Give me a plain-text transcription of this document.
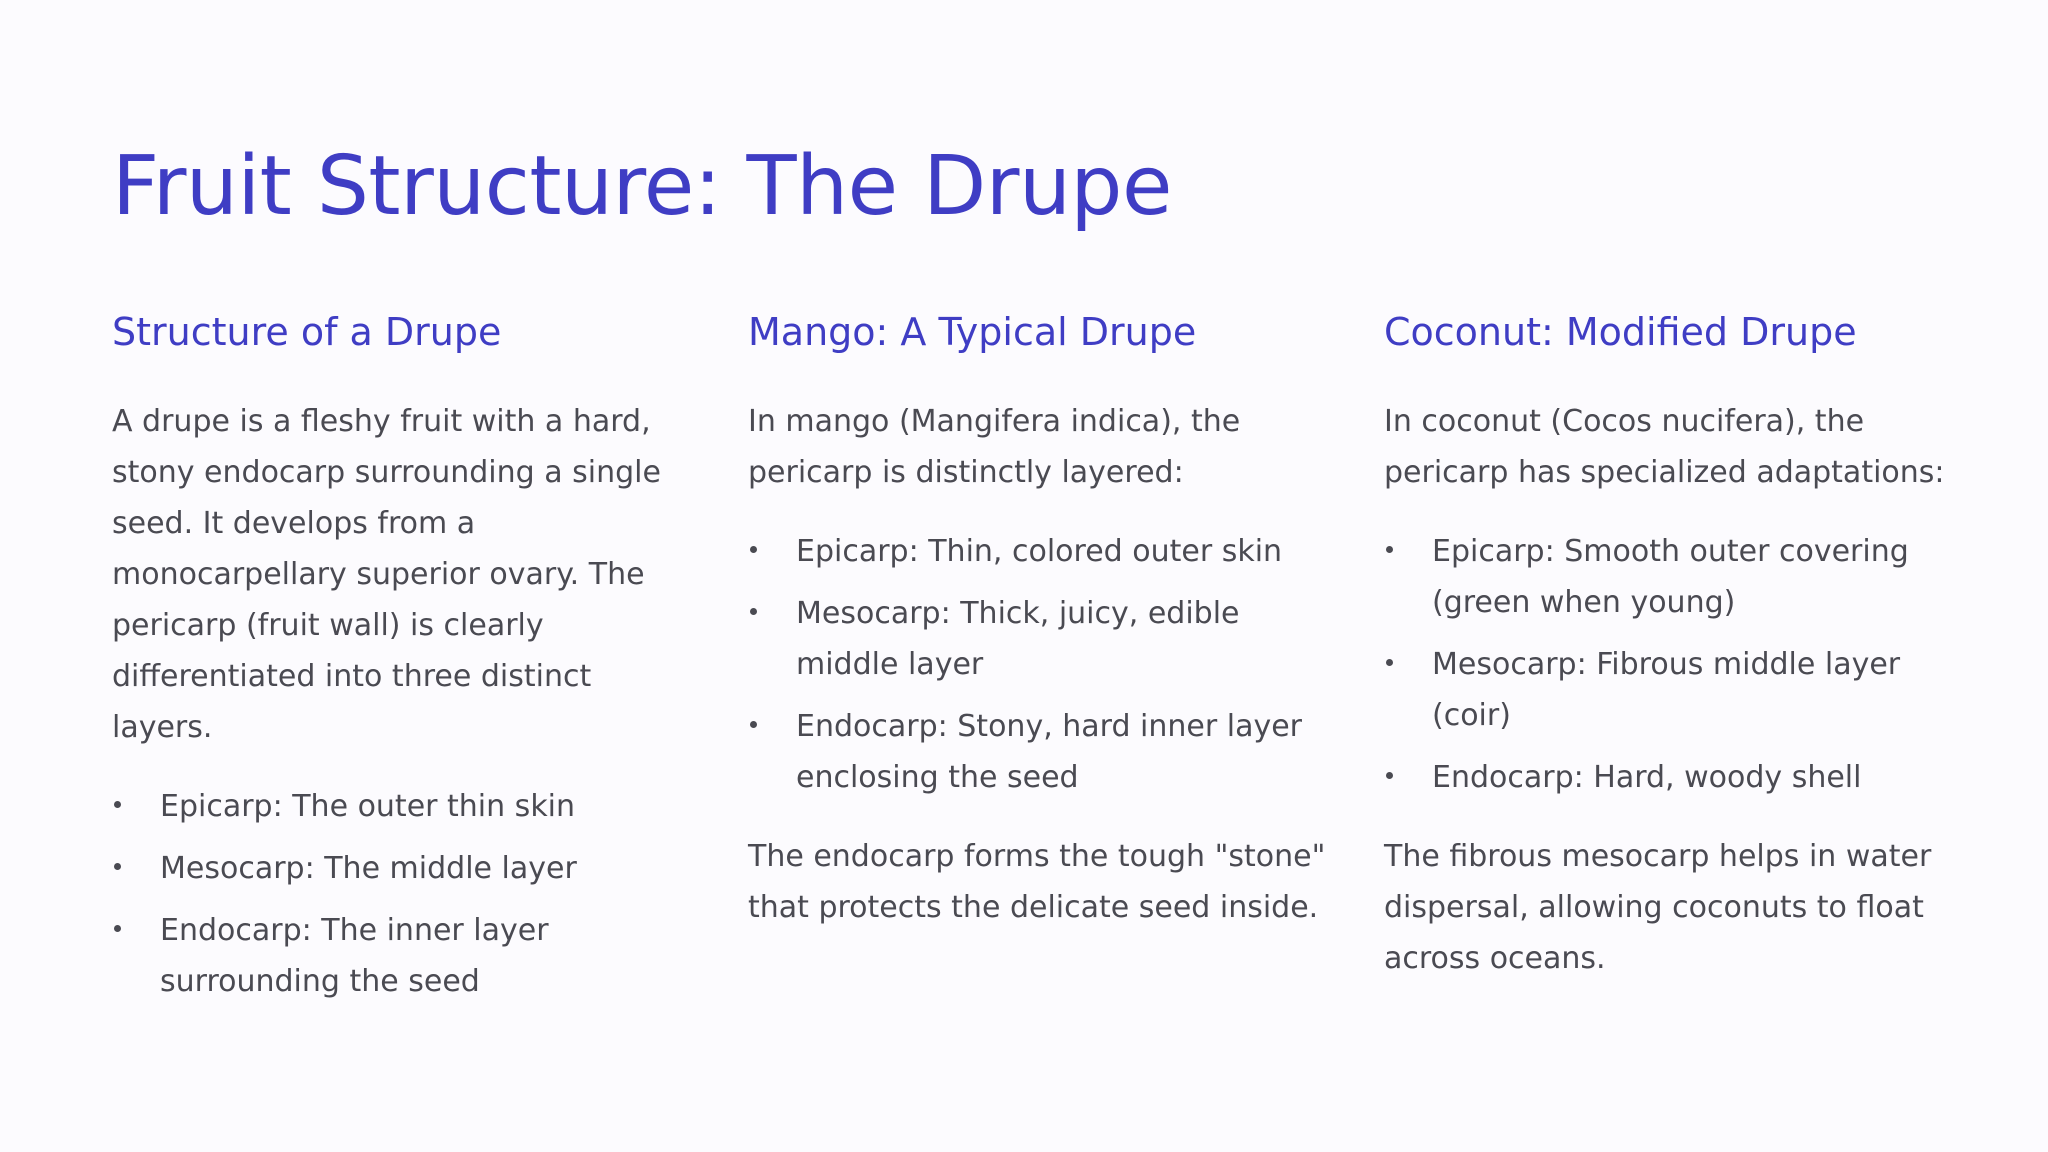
Fruit Structure: The Drupe
Structure of a Drupe

A drupe is a fleshy fruit with a hard, stony endocarp surrounding a single seed. It develops from a monocarpellary superior ovary. The pericarp (fruit wall) is clearly differentiated into three distinct layers.

Epicarp: The outer thin skin
Mesocarp: The middle layer
Endocarp: The inner layer surrounding the seed
Mango: A Typical Drupe

In mango (Mangifera indica), the pericarp is distinctly layered:

Epicarp: Thin, colored outer skin
Mesocarp: Thick, juicy, edible middle layer
Endocarp: Stony, hard inner layer enclosing the seed

The endocarp forms the tough "stone" that protects the delicate seed inside.

Coconut: Modified Drupe

In coconut (Cocos nucifera), the pericarp has specialized adaptations:

Epicarp: Smooth outer covering (green when young)
Mesocarp: Fibrous middle layer (coir)
Endocarp: Hard, woody shell

The fibrous mesocarp helps in water dispersal, allowing coconuts to float across oceans.
